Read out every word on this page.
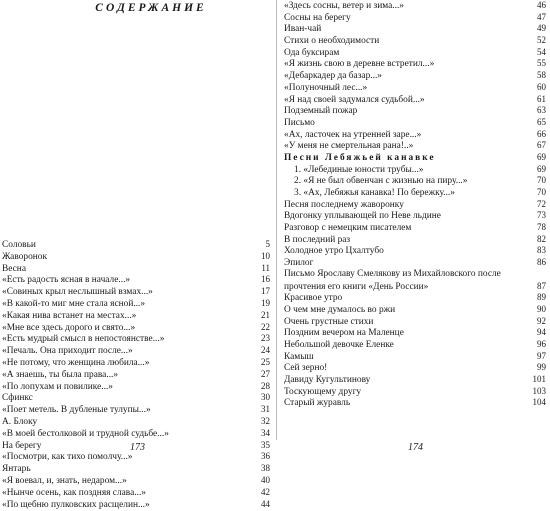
СОДЕРЖАНИЕ
Соловьи	5
Жаворонок	10
Весна	11
«Есть радость ясная в начале...»	16
«Совиных крыл неслышный взмах...»	17
«В какой-то миг мне стала ясной...»	19
«Какая нива встанет на местах...»	21
«Мне все здесь дорого и свято...»	22
«Есть мудрый смысл в непостоянстве...»	23
«Печаль. Она приходит после...»	24
«Не потому, что женщина любила...»	25
«А знаешь, ты была права...»	27
«По лопухам и повилике...»	28
Сфинкс	30
«Поет метель. В дубленые тулупы...»	31
А. Блоку	32
«В моей бестолковой и трудной судьбе...»	34
На берегу	35
«Посмотри, как тихо помолчу...»	36
Янтарь	38
«Я воевал, и, знать, недаром...»	40
«Нынче осень, как поздняя слава...»	42
«По щебню пулковских расщелин...»	44
173
«Здесь сосны, ветер и зима...»	46
Сосны на берегу	47
Иван-чай	49
Стихи о необходимости	52
Ода буксирам	54
«Я жизнь свою в деревне встретил...»	55
«Дебаркадер да базар...»	58
«Полуночный лес...»	60
«Я над своей задумался судьбой...»	61
Подземный пожар	63
Письмо	65
«Ах, ласточек на утренней заре...»	66
«У меня не смертельная рана!..»	67
Песни Лебяжьей канавке	69
1. «Лебединые юности трубы...»	69
2. «Я не был обвенчан с жизнью на пиру...»	70
3. «Ах, Лебяжья канавка! По бережку...»	70
Песня последнему жаворонку	72
Вдогонку уплывающей по Неве льдине	73
Разговор с немецким писателем	78
В последний раз	82
Холодное утро Цхалтубо	83
Эпилог	86
Письмо Ярославу Смелякову из Михайловского после
прочтения его книги «День России»	87
Красивое утро	89
О чем мне думалось во ржи	90
Очень грустные стихи	92
Поздним вечером на Маленце	94
Небольшой девочке Еленке	96
Камыш	97
Сей зерно!	99
Давиду Кугультинову	101
Тоскующему другу	103
Старый журавль	104
174
